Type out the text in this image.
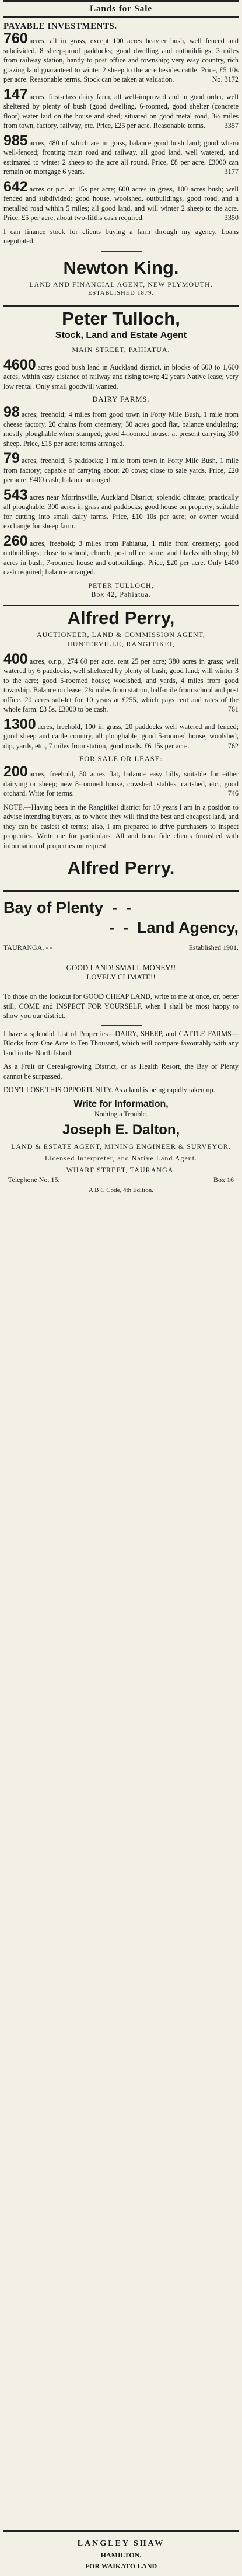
Lands for Sale
PAYABLE INVESTMENTS.

760 acres, all in grass, except 100 acres heavier bush, well fenced and subdivided, 8 sheep-proof paddocks; good dwelling and outbuildings; 3 miles from railway station, handy to post office and township; very easy country, rich grazing land guaranteed to winter 2 sheep to the acre besides cattle. Price, £5 10s per acre. Reasonable terms. Stock can be taken at valuation.	No. 3172

147 acres, first-class dairy farm, all well-improved and in good order, well sheltered by plenty of bush (good dwelling, 6-roomed, good shelter (concrete floor) water laid on the house and shed; situated on good metal road, 3½ miles from town, factory, railway, etc. Price, £25 per acre. Reasonable terms.	3357

985 acres, 480 of which are in grass, balance good bush land; good wharo well-fenced; fronting main road and railway, all good land, well watered, and estimated to winter 2 sheep to the acre all round. Price, £8 per acre. £3000 can remain on mortgage 6 years.	3177

642 acres or p.n. at 15s per acre; 600 acres in grass, 100 acres bush; well fenced and subdivided; good house, woolshed, outbuildings, good road, and a metalled road within 5 miles; all good land, and will winter 2 sheep to the acre. Price, £5 per acre, about two-fifths cash required.	3350

I can finance stock for clients buying a farm through my agency. Loans negotiated.

Newton King.
LAND AND FINANCIAL AGENT, NEW PLYMOUTH.
ESTABLISHED 1879.
Peter Tulloch,
Stock, Land and Estate Agent
MAIN STREET, PAHIATUA.

4600 acres good bush land in Auckland district, in blocks of 600 to 1,600 acres, within easy distance of railway and rising town; 42 years Native lease; very low rental. Only small goodwill wanted.

DAIRY FARMS.

98 acres, freehold; 4 miles from good town in Forty Mile Bush, 1 mile from cheese factory, 20 chains from creamery; 30 acres good flat, balance undulating; mostly ploughable when stumped; good 4-roomed house; at present carrying 300 sheep. Price, £15 per acre; terms arranged.

79 acres, freehold; 5 paddocks; 1 mile from town in Forty Mile Bush, 1 mile from factory; capable of carrying about 20 cows; close to sale yards. Price, £20 per acre. £400 cash; balance arranged.

543 acres near Morrinsville, Auckland District; splendid climate; practically all ploughable, 300 acres in grass and paddocks; good house on property; suitable for cutting into small dairy farms. Price, £10 10s per acre; or owner would exchange for sheep farm.

260 acres, freehold; 3 miles from Pahiatua, 1 mile from creamery; good outbuildings; close to school, church, post office, store, and blacksmith shop; 60 acres in bush; 7-roomed house and outbuildings. Price, £20 per acre. Only £400 cash required; balance arranged.

PETER TULLOCH,
Box 42, Pahiatua.
Alfred Perry,
AUCTIONEER, LAND & COMMISSION AGENT,
HUNTERVILLE, RANGITIKEI,

400 acres, o.r.p., 274 60 per acre, rent 25 per acre; 380 acres in grass; well watered by 6 paddocks, well sheltered by plenty of bush; good land; will winter 3 to the acre; good 5-roomed house; woolshed, and yards, 4 miles from good township. Balance on lease; 2¼ miles from station, half-mile from school and post office. 20 acres sub-let for 10 years at £255, which pays rent and rates of the whole farm. £3 5s. £3000 to be cash.	761

1300 acres, freehold, 100 in grass, 20 paddocks well watered and fenced; good sheep and cattle country, all ploughable; good 5-roomed house, woolshed, dip, yards, etc., 7 miles from station, good roads. £6 15s per acre.	762

FOR SALE OR LEASE:

200 acres, freehold, 50 acres flat, balance easy hills, suitable for either dairying or sheep; new 8-roomed house, cowshed, stables, cartshed, etc., good orchard. Write for terms.	746

NOTE.—Having been in the Rangitikei district for 10 years I am in a position to advise intending buyers, as to where they will find the best and cheapest land, and they can be easiest of terms; also, I am prepared to drive purchasers to inspect properties. Write me for particulars. All and bona fide clients furnished with information of properties on request.

Alfred Perry.
Bay of Plenty  -  -
-  -  Land Agency,
TAURANGA, - -	Established 1901.
GOOD LAND! SMALL MONEY!!
LOVELY CLIMATE!!

To those on the lookout for GOOD CHEAP LAND, write to me at once, or, better still, COME and INSPECT FOR YOURSELF, when I shall be most happy to show you our district.

I have a splendid List of Properties—DAIRY, SHEEP, and CATTLE FARMS—Blocks from One Acre to Ten Thousand, which will compare favourably with any land in the North Island.

As a Fruit or Cereal-growing District, or as Health Resort, the Bay of Plenty cannot be surpassed.

DON'T LOSE THIS OPPORTUNITY. As a land is being rapidly taken up.

Write for Information,
Nothing a Trouble.
Joseph E. Dalton,
LAND & ESTATE AGENT, MINING ENGINEER & SURVEYOR.
Licensed Interpreter, and Native Land Agent.
WHARF STREET, TAURANGA.
Telephone No. 15.	Box 16
A B C Code, 4th Edition.
LANGLEY SHAW
HAMILTON.
FOR WAIKATO LAND
